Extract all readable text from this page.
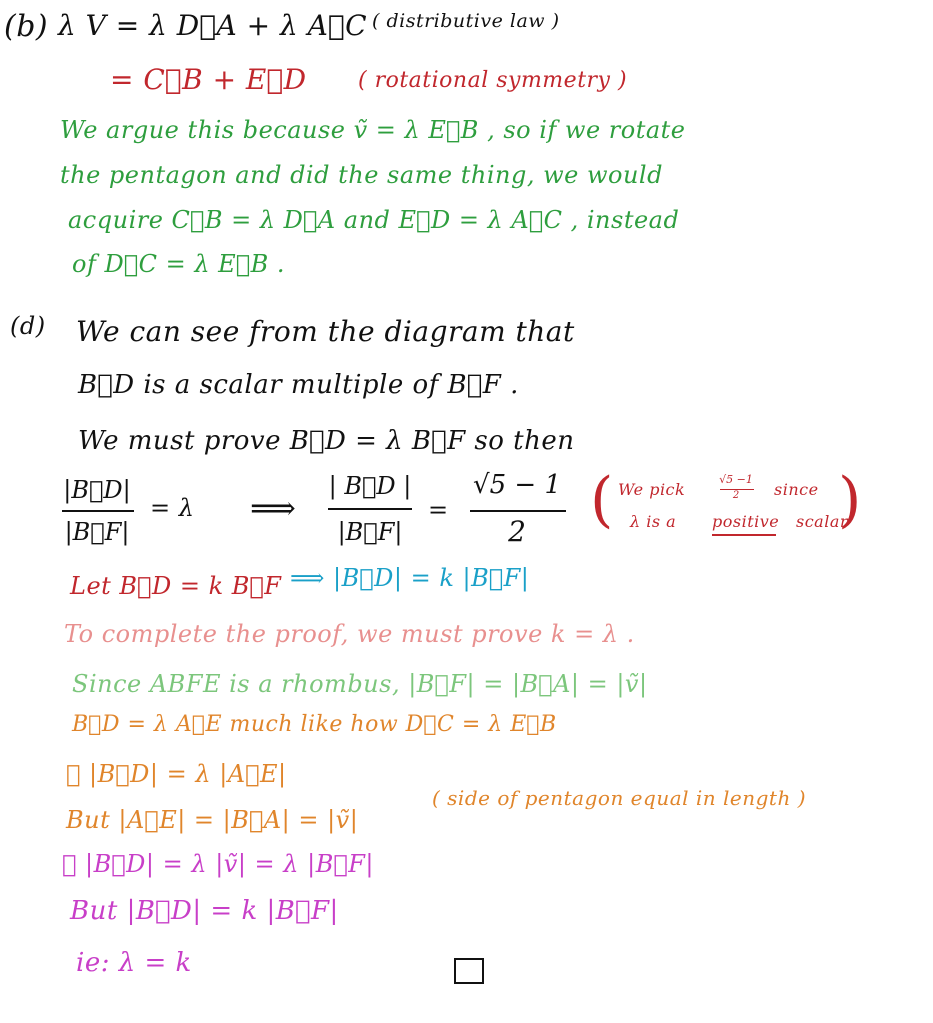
(b) λ V = λ D⃗A + λ A⃗C ( distributive law )
= C⃗B + E⃗D ( rotational symmetry )
We argue this because ṽ = λ E⃗B , so if we rotate
the pentagon and did the same thing, we would
acquire C⃗B = λ D⃗A and E⃗D = λ A⃗C , instead
of D⃗C = λ E⃗B .
(d) We can see from the diagram that
B⃗D is a scalar multiple of B⃗F .
We must prove B⃗D = λ B⃗F so then
|B⃗D|
|B⃗F|
= λ ⟹
| B⃗D |
|B⃗F|
=
√5 − 1
2	( We pick
√5 −1
2	since
λ is a positive scalar
)
Let B⃗D = k B⃗F ⟹ |B⃗D| = k |B⃗F|
To complete the proof, we must prove k = λ .
Since ABFE is a rhombus, |B⃗F| = |B⃗A| = |ṽ|
B⃗D = λ A⃗E much like how D⃗C = λ E⃗B
∴ |B⃗D| = λ |A⃗E|
But |A⃗E| = |B⃗A| = |ṽ|
( side of pentagon equal in length )
∴ |B⃗D| = λ |ṽ| = λ |B⃗F|
But |B⃗D| = k |B⃗F|
ie: λ = k
